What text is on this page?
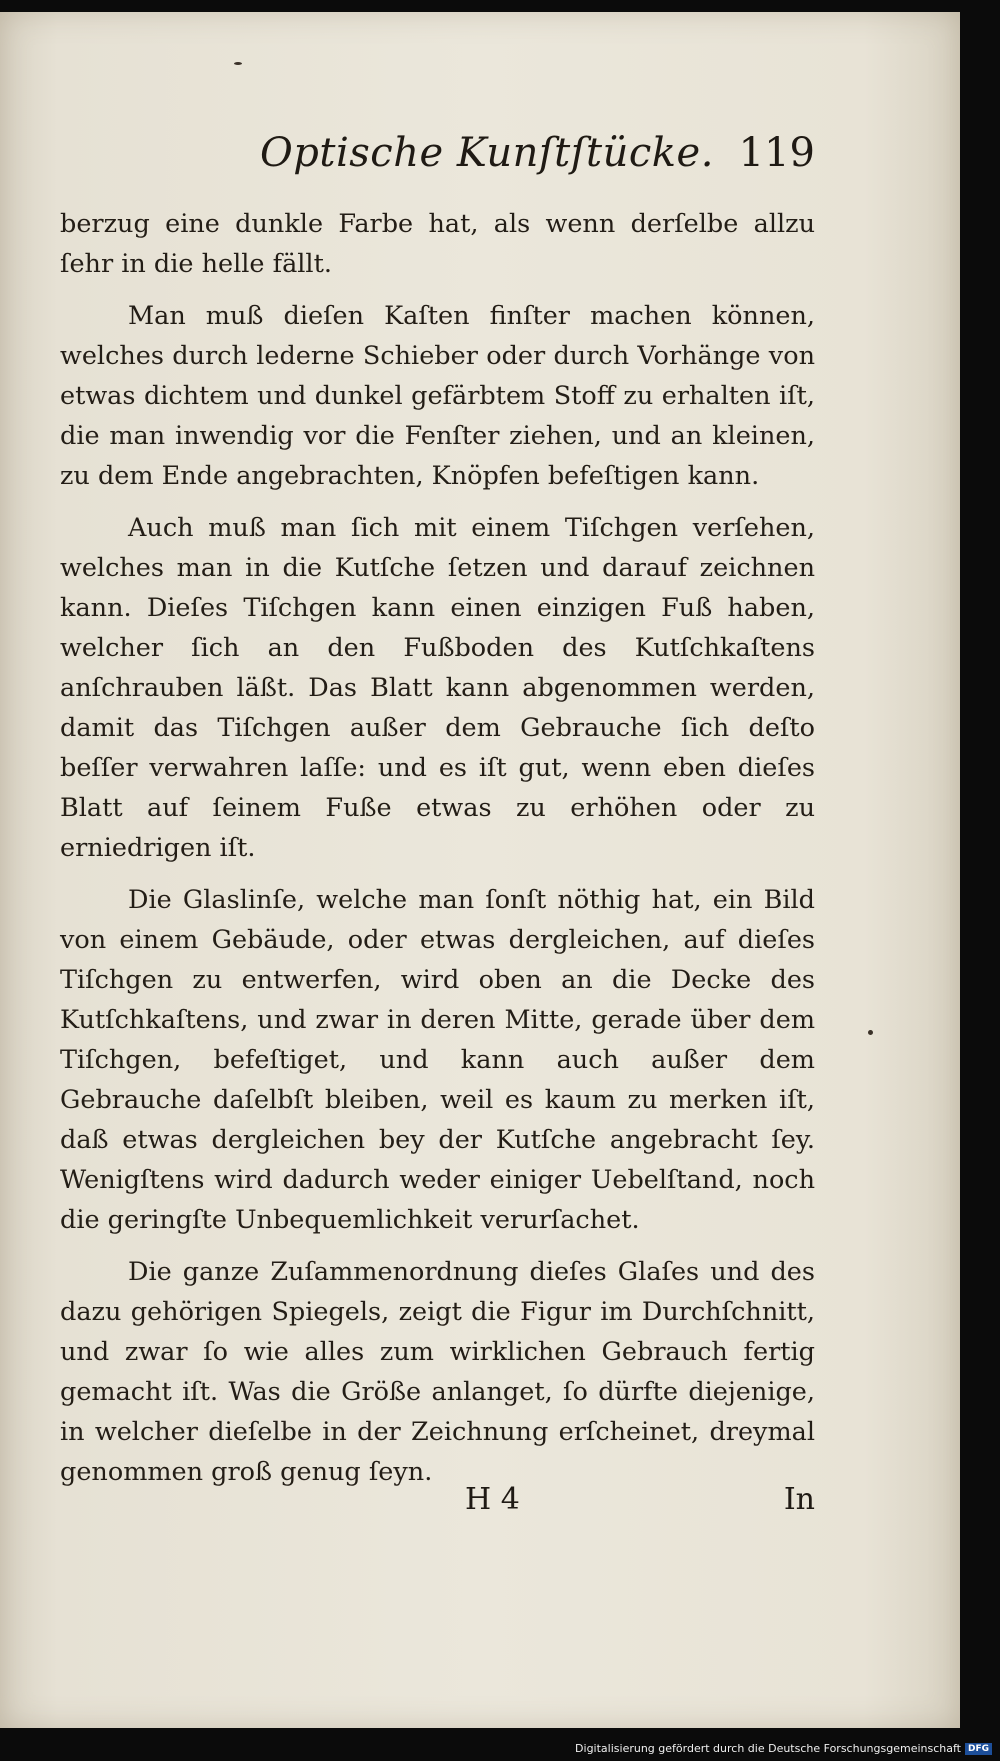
Optische Kunſtſtücke. 119

berzug eine dunkle Farbe hat, als wenn derſelbe allzu ſehr in die helle fällt.

Man muß dieſen Kaſten finſter machen können, welches durch lederne Schieber oder durch Vorhänge von etwas dichtem und dunkel gefärbtem Stoff zu erhalten iſt, die man inwendig vor die Fenſter ziehen, und an kleinen, zu dem Ende angebrachten, Knöpfen befeſtigen kann.

Auch muß man ſich mit einem Tiſchgen verſehen, welches man in die Kutſche ſetzen und darauf zeichnen kann. Dieſes Tiſchgen kann einen einzigen Fuß haben, welcher ſich an den Fußboden des Kutſchkaſtens anſchrauben läßt. Das Blatt kann abgenommen werden, damit das Tiſchgen außer dem Gebrauche ſich deſto beſſer verwahren laſſe: und es iſt gut, wenn eben dieſes Blatt auf ſeinem Fuße etwas zu erhöhen oder zu erniedrigen iſt.

Die Glaslinſe, welche man ſonſt nöthig hat, ein Bild von einem Gebäude, oder etwas dergleichen, auf dieſes Tiſchgen zu entwerfen, wird oben an die Decke des Kutſchkaſtens, und zwar in deren Mitte, gerade über dem Tiſchgen, befeſtiget, und kann auch außer dem Gebrauche daſelbſt bleiben, weil es kaum zu merken iſt, daß etwas dergleichen bey der Kutſche angebracht ſey. Wenigſtens wird dadurch weder einiger Uebelſtand, noch die geringſte Unbequemlichkeit verurſachet.

Die ganze Zuſammenordnung dieſes Glaſes und des dazu gehörigen Spiegels, zeigt die Figur im Durchſchnitt, und zwar ſo wie alles zum wirklichen Gebrauch fertig gemacht iſt. Was die Größe anlanget, ſo dürfte diejenige, in welcher dieſelbe in der Zeichnung erſcheinet, dreymal genommen groß genug ſeyn.

H 4	In
Digitalisierung gefördert durch die Deutsche Forschungsgemeinschaft DFG
